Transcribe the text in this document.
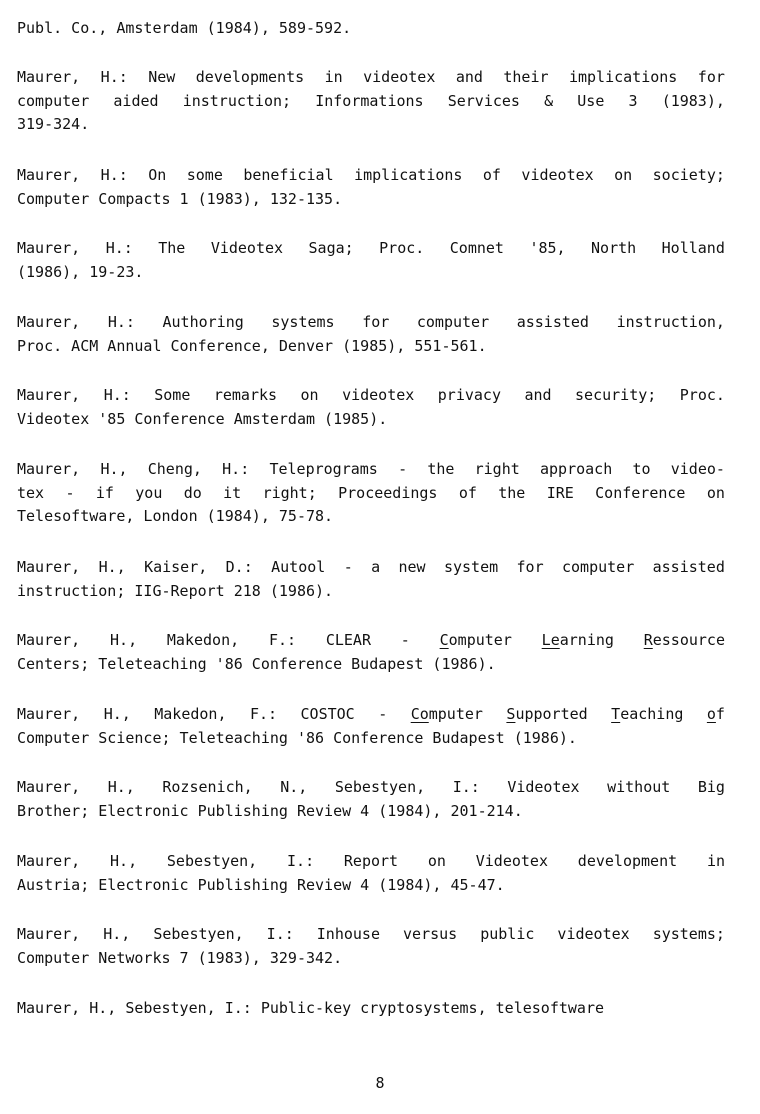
Publ. Co., Amsterdam (1984), 589-592.
Maurer, H.: New developments in videotex and their implications for
computer aided instruction; Informations Services & Use 3 (1983),
319-324.
Maurer, H.: On some beneficial implications of videotex on society;
Computer Compacts 1 (1983), 132-135.
Maurer, H.: The Videotex Saga; Proc. Comnet '85, North Holland
(1986), 19-23.
Maurer, H.: Authoring systems for computer assisted instruction,
Proc. ACM Annual Conference, Denver (1985), 551-561.
Maurer, H.: Some remarks on videotex privacy and security; Proc.
Videotex '85 Conference Amsterdam (1985).
Maurer, H., Cheng, H.: Teleprograms - the right approach to video-
tex - if you do it right; Proceedings of the IRE Conference on
Telesoftware, London (1984), 75-78.
Maurer, H., Kaiser, D.: Autool - a new system for computer assisted
instruction; IIG-Report 218 (1986).
Maurer, H., Makedon, F.: CLEAR - Computer Learning Ressource
Centers; Teleteaching '86 Conference Budapest (1986).
Maurer, H., Makedon, F.: COSTOC - Computer Supported Teaching of
Computer Science; Teleteaching '86 Conference Budapest (1986).
Maurer, H., Rozsenich, N., Sebestyen, I.: Videotex without Big
Brother; Electronic Publishing Review 4 (1984), 201-214.
Maurer, H., Sebestyen, I.: Report on Videotex development in
Austria; Electronic Publishing Review 4 (1984), 45-47.
Maurer, H., Sebestyen, I.: Inhouse versus public videotex systems;
Computer Networks 7 (1983), 329-342.
Maurer, H., Sebestyen, I.: Public-key cryptosystems, telesoftware
8
